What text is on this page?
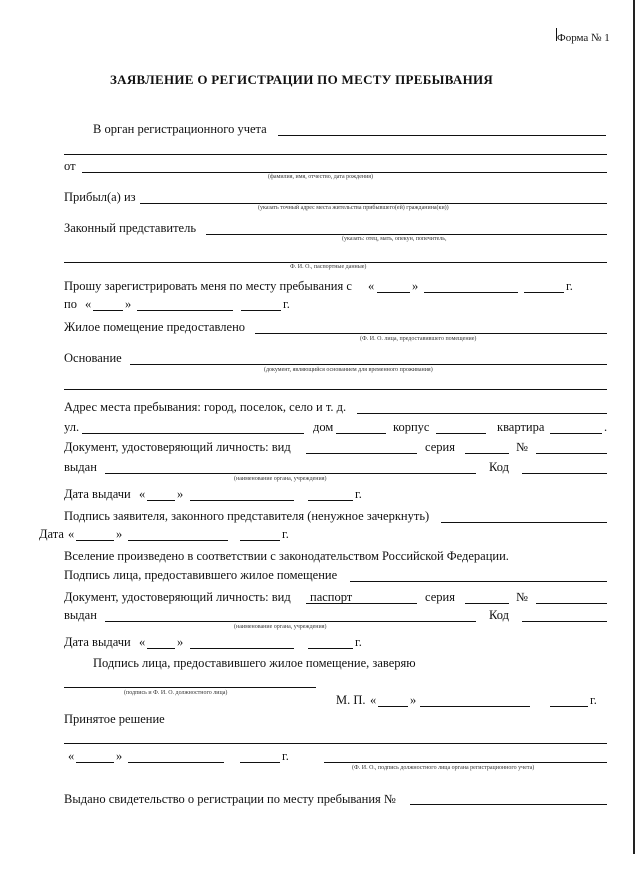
Форма № 1
ЗАЯВЛЕНИЕ О РЕГИСТРАЦИИ ПО МЕСТУ ПРЕБЫВАНИЯ
В орган регистрационного учета
от
(фамилия, имя, отчество, дата рождения)
Прибыл(а) из
(указать точный адрес места жительства прибывшего(ей) гражданина(ки))
Законный представитель
(указать: отец, мать, опекун, попечитель,
Ф. И. О., паспортные данные)
Прошу зарегистрировать меня по месту пребывания с «	»	г.
по «	»	г.
Жилое помещение предоставлено
(Ф. И. О. лица, предоставившего помещение)
Основание
(документ, являющийся основанием для временного проживания)
Адрес места пребывания: город, поселок, село и т. д.
ул.	дом	корпус	квартира	.
Документ, удостоверяющий личность: вид	серия	№
выдан	Код
(наименование органа, учреждения)
Дата выдачи «	»	г.
Подпись заявителя, законного представителя (ненужное зачеркнуть)
Дата «	»	г.
Вселение произведено в соответствии с законодательством Российской Федерации.
Подпись лица, предоставившего жилое помещение
Документ, удостоверяющий личность: вид паспорт	серия	№
выдан	Код
(наименование органа, учреждения)
Дата выдачи «	»	г.
Подпись лица, предоставившего жилое помещение, заверяю
(подпись и Ф. И. О. должностного лица)	М. П. «	»	г.
Принятое решение
«	»	г.
(Ф. И. О., подпись должностного лица органа регистрационного учета)
Выдано свидетельство о регистрации по месту пребывания №
